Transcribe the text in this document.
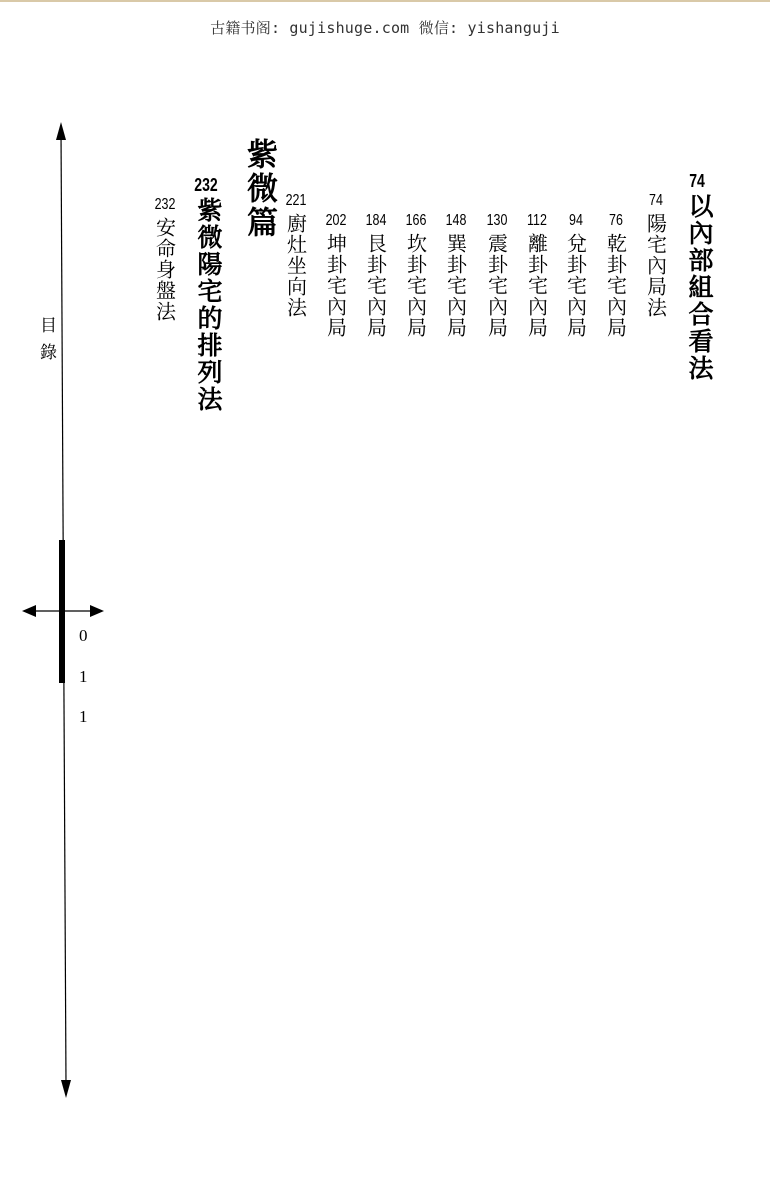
古籍书阁: gujishuge.com 微信: yishanguji
目錄
0
1
1
紫微篇	74
以內部組合看法
74
陽宅內局法
76
乾卦宅內局
94
兌卦宅內局
112
離卦宅內局
130
震卦宅內局
148
巽卦宅內局
166
坎卦宅內局
184
艮卦宅內局
202
坤卦宅內局
221
廚灶坐向法
232
紫微陽宅的排列法
232
安命身盤法
